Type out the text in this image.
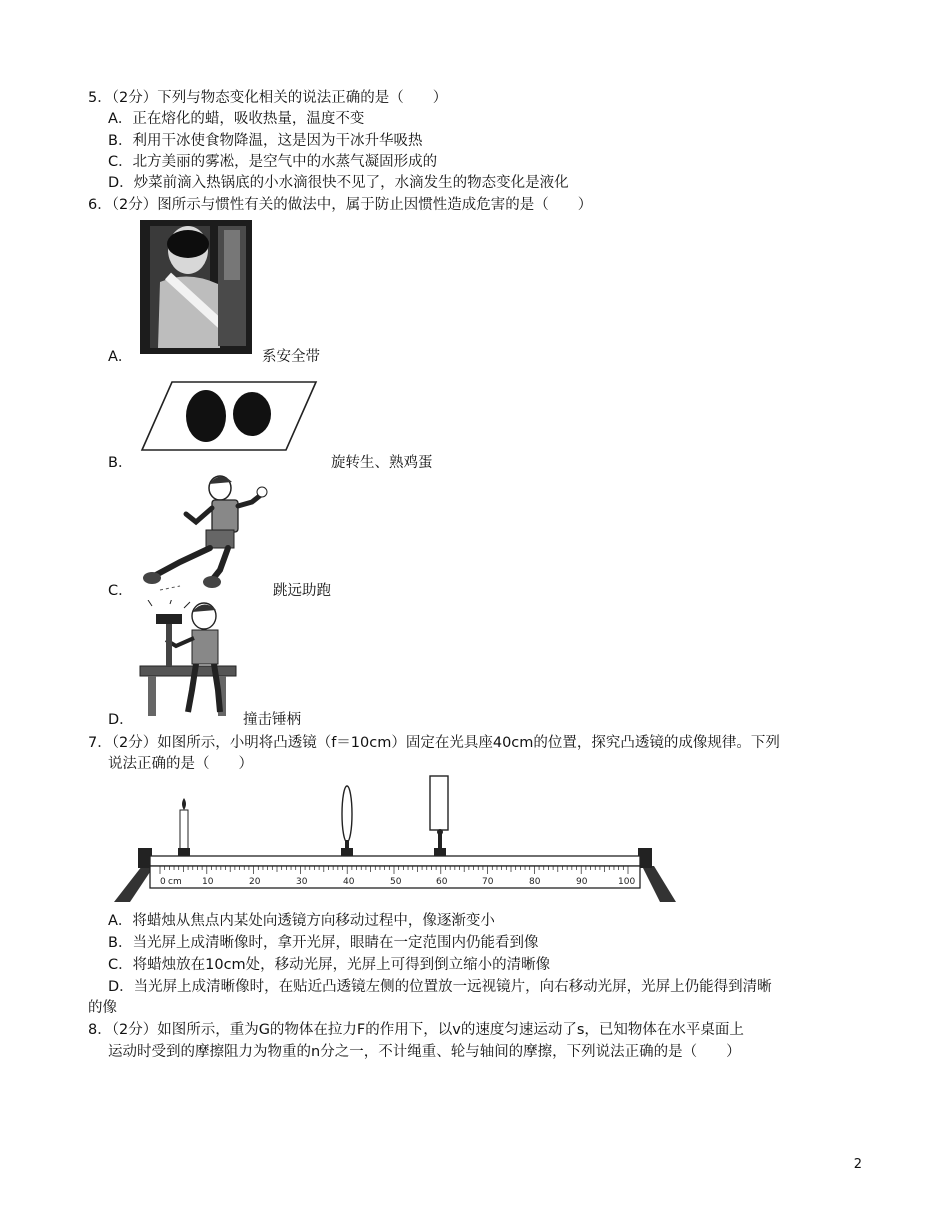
5．（2分）下列与物态变化相关的说法正确的是（　　）
A．正在熔化的蜡，吸收热量，温度不变
B．利用干冰使食物降温，这是因为干冰升华吸热
C．北方美丽的雾凇，是空气中的水蒸气凝固形成的
D．炒菜前滴入热锅底的小水滴很快不见了，水滴发生的物态变化是液化
6．（2分）图所示与惯性有关的做法中，属于防止因惯性造成危害的是（　　）
A．	系安全带
B．	旋转生、熟鸡蛋
C．	跳远助跑
D．	撞击锤柄
7．（2分）如图所示，小明将凸透镜（f＝10cm）固定在光具座40cm的位置，探究凸透镜的成像规律。下列
说法正确的是（　　）
0 cm 10	20	30	40	50	60	70	80	90	100
A．将蜡烛从焦点内某处向透镜方向移动过程中，像逐渐变小
B．当光屏上成清晰像时，拿开光屏，眼睛在一定范围内仍能看到像
C．将蜡烛放在10cm处，移动光屏，光屏上可得到倒立缩小的清晰像
D．当光屏上成清晰像时，在贴近凸透镜左侧的位置放一远视镜片，向右移动光屏，光屏上仍能得到清晰
的像
8．（2分）如图所示，重为G的物体在拉力F的作用下，以v的速度匀速运动了s，已知物体在水平桌面上
运动时受到的摩擦阻力为物重的n分之一，不计绳重、轮与轴间的摩擦，下列说法正确的是（　　）
2
